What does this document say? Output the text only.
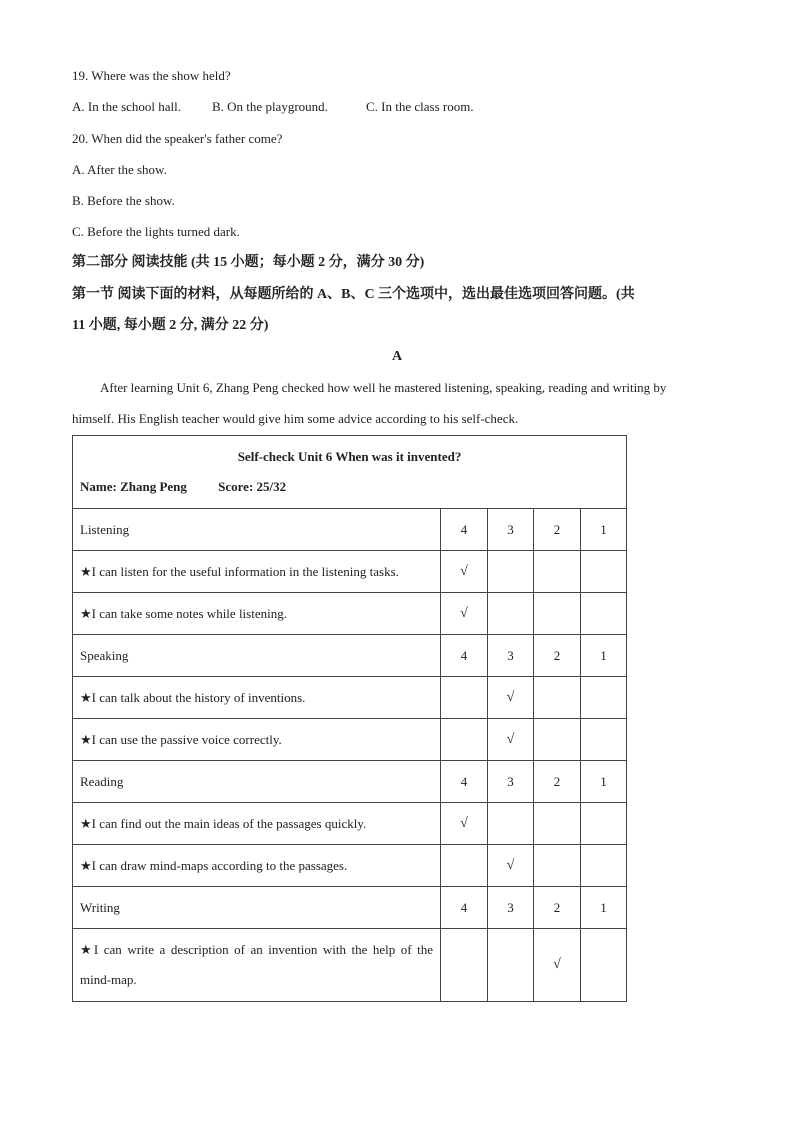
19. Where was the show held?
A. In the school hall.	B. On the playground.	C. In the class room.
20. When did the speaker's father come?
A. After the show.
B. Before the show.
C. Before the lights turned dark.
第二部分 阅读技能 (共 15 小题；每小题 2 分，满分 30 分)
第一节 阅读下面的材料，从每题所给的 A、B、C 三个选项中，选出最佳选项回答问题。(共
11 小题, 每小题 2 分, 满分 22 分)
A
After learning Unit 6, Zhang Peng checked how well he mastered listening, speaking, reading and writing by
himself. His English teacher would give him some advice according to his self-check.
Self-check Unit 6 When was it invented?
Name: Zhang Peng Score: 25/32				

Listening	4	3	2	1
★I can listen for the useful information in the listening tasks.	√			
★I can take some notes while listening.	√			
Speaking	4	3	2	1
★I can talk about the history of inventions.		√		
★I can use the passive voice correctly.		√		
Reading	4	3	2	1
★I can find out the main ideas of the passages quickly.	√			
★I can draw mind-maps according to the passages.		√		
Writing	4	3	2	1
★I can write a description of an invention with the help of the mind-map.			√	
